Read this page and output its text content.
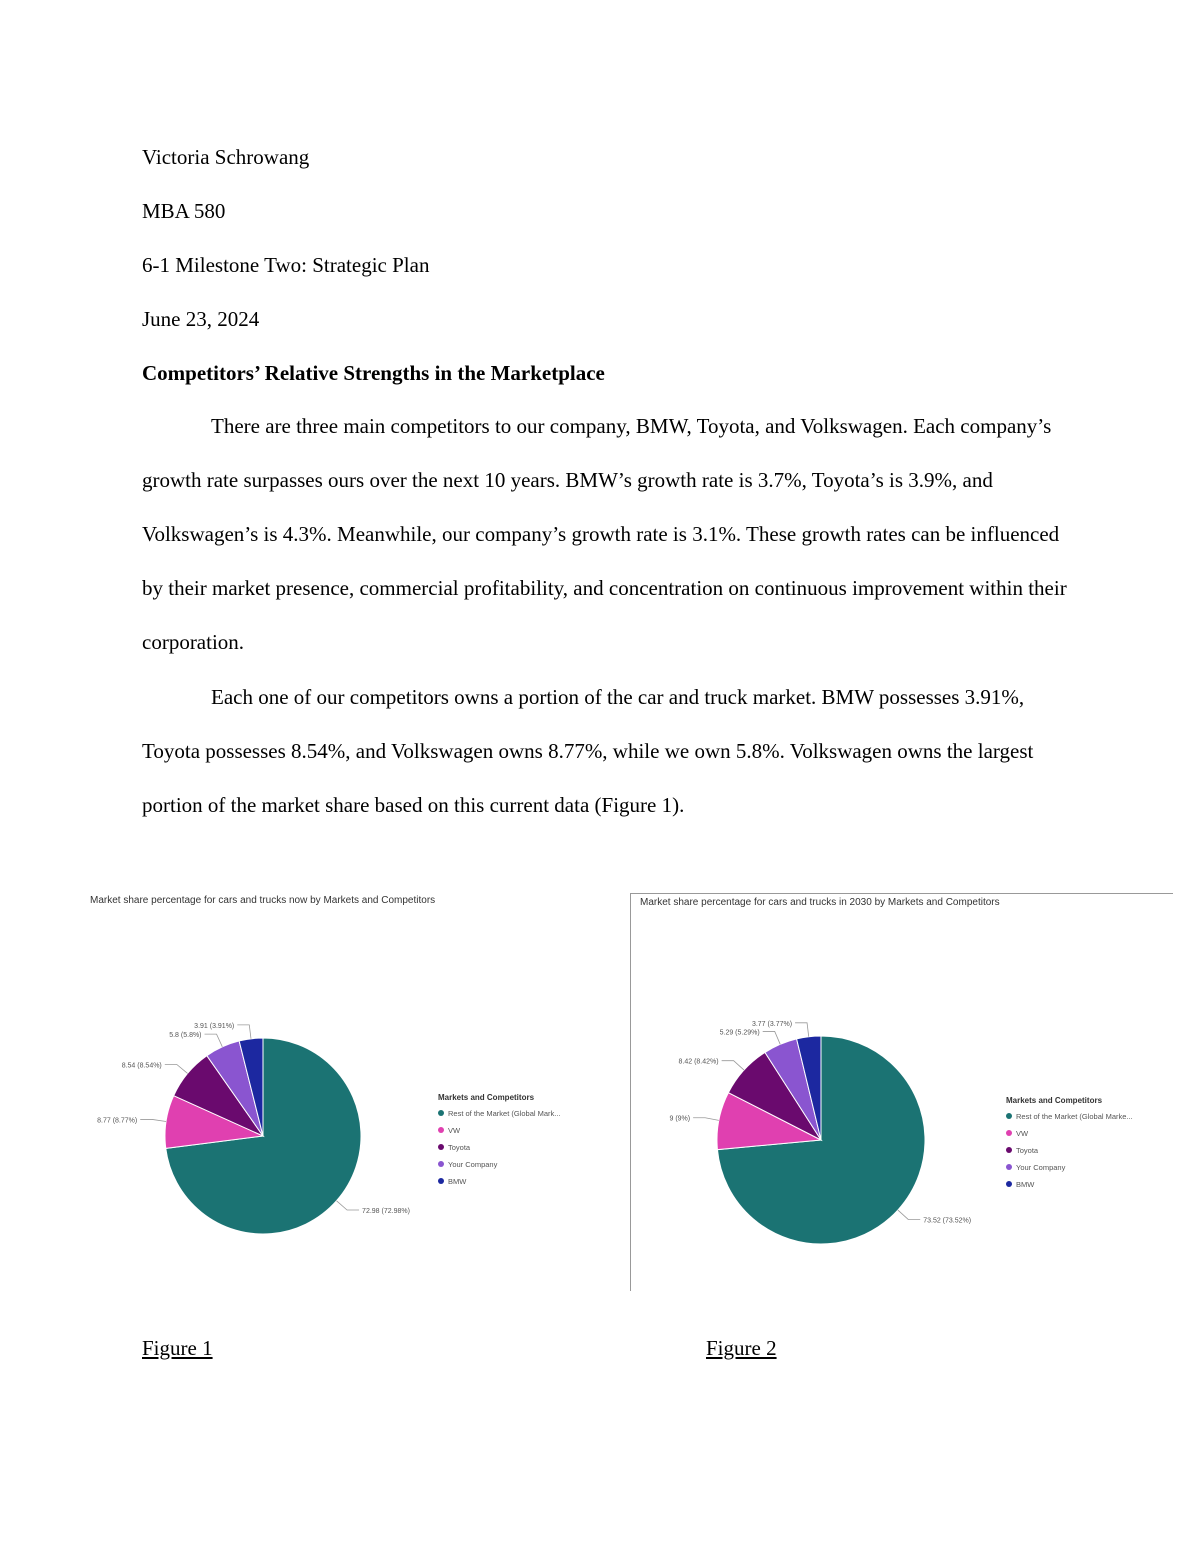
Victoria Schrowang
MBA 580
6-1 Milestone Two: Strategic Plan
June 23, 2024
Competitors’ Relative Strengths in the Marketplace

There are three main competitors to our company, BMW, Toyota, and Volkswagen. Each company’s growth rate surpasses ours over the next 10 years. BMW’s growth rate is 3.7%, Toyota’s is 3.9%, and Volkswagen’s is 4.3%. Meanwhile, our company’s growth rate is 3.1%. These growth rates can be influenced by their market presence, commercial profitability, and concentration on continuous improvement within their corporation.

Each one of our competitors owns a portion of the car and truck market. BMW possesses 3.91%, Toyota possesses 8.54%, and Volkswagen owns 8.77%, while we own 5.8%. Volkswagen owns the largest portion of the market share based on this current data (Figure 1).

Market share percentage for cars and trucks now by Markets and Competitors
72.98 (72.98%)
8.77 (8.77%)
8.54 (8.54%)
5.8 (5.8%)
3.91 (3.91%)
Markets and Competitors
Rest of the Market (Global Mark...
VW
Toyota
Your Company
BMW
Market share percentage for cars and trucks in 2030 by Markets and Competitors
73.52 (73.52%)
9 (9%)
8.42 (8.42%)
5.29 (5.29%)
3.77 (3.77%)
Markets and Competitors
Rest of the Market (Global Marke...
VW
Toyota
Your Company
BMW
Figure 1	Figure 2
